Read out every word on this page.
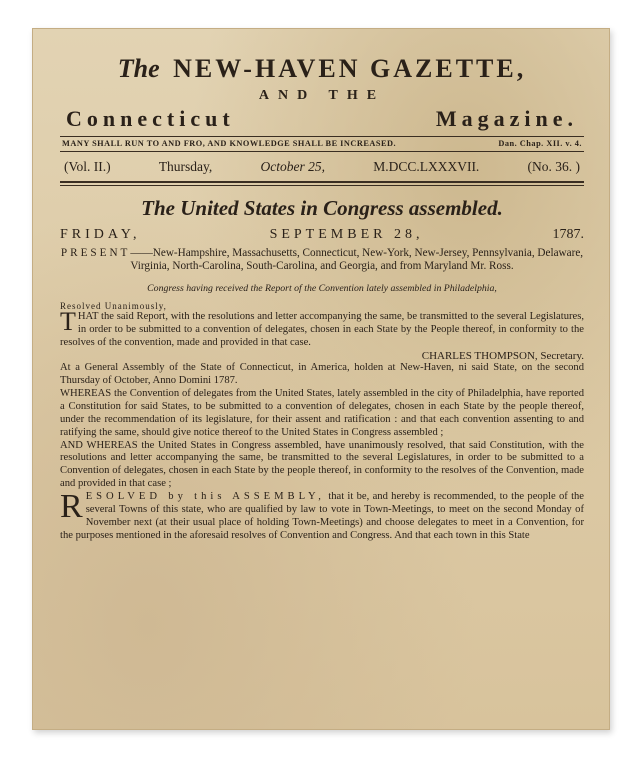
The NEW-HAVEN GAZETTE,
AND THE
Connecticut	Magazine.
MANY SHALL RUN TO AND FRO, AND KNOWLEDGE SHALL BE INCREASED.	Dan. Chap. XII. v. 4.
(Vol. II.)	Thursday,	October 25,	M.DCC.LXXXVII.	(No. 36. )
The United States in Congress assembled.
FRIDAY,	SEPTEMBER 28,	1787.
PRESENT——New-Hampshire, Massachusetts, Connecticut, New-York, New-Jersey, Pennsylvania, Delaware, Virginia, North-Carolina, South-Carolina, and Georgia, and from Maryland Mr. Ross.
Congress having received the Report of the Convention lately assembled in Philadelphia,
Resolved Unanimously,

THAT the said Report, with the resolutions and letter accompanying the same, be transmitted to the several Legislatures, in order to be submitted to a convention of delegates, chosen in each State by the People thereof, in conformity to the resolves of the convention, made and provided in that case.

CHARLES THOMPSON, Secretary.

At a General Assembly of the State of Connecticut, in America, holden at New-Haven, ni said State, on the second Thursday of October, Anno Domini 1787.

WHEREAS the Convention of delegates from the United States, lately assembled in the city of Philadelphia, have reported a Constitution for said States, to be submitted to a convention of delegates, chosen in each State by the people thereof, under the recommendation of its legislature, for their assent and ratification : and that each convention assenting to and ratifying the same, should give notice thereof to the United States in Congress assembled ;

AND WHEREAS the United States in Congress assembled, have unanimously resolved, that said Constitution, with the resolutions and letter accompanying the same, be transmitted to the several Legislatures, in order to be submitted to a Convention of delegates, chosen in each State by the people thereof, in conformity to the resolves of the Convention, made and provided in that case ;

RESOLVED by this ASSEMBLY, that it be, and hereby is recommended, to the people of the several Towns of this state, who are qualified by law to vote in Town-Meetings, to meet on the second Monday of November next (at their usual place of holding Town-Meetings) and choose delegates to meet in a Convention, for the purposes mentioned in the aforesaid resolves of Convention and Congress. And that each town in this State
